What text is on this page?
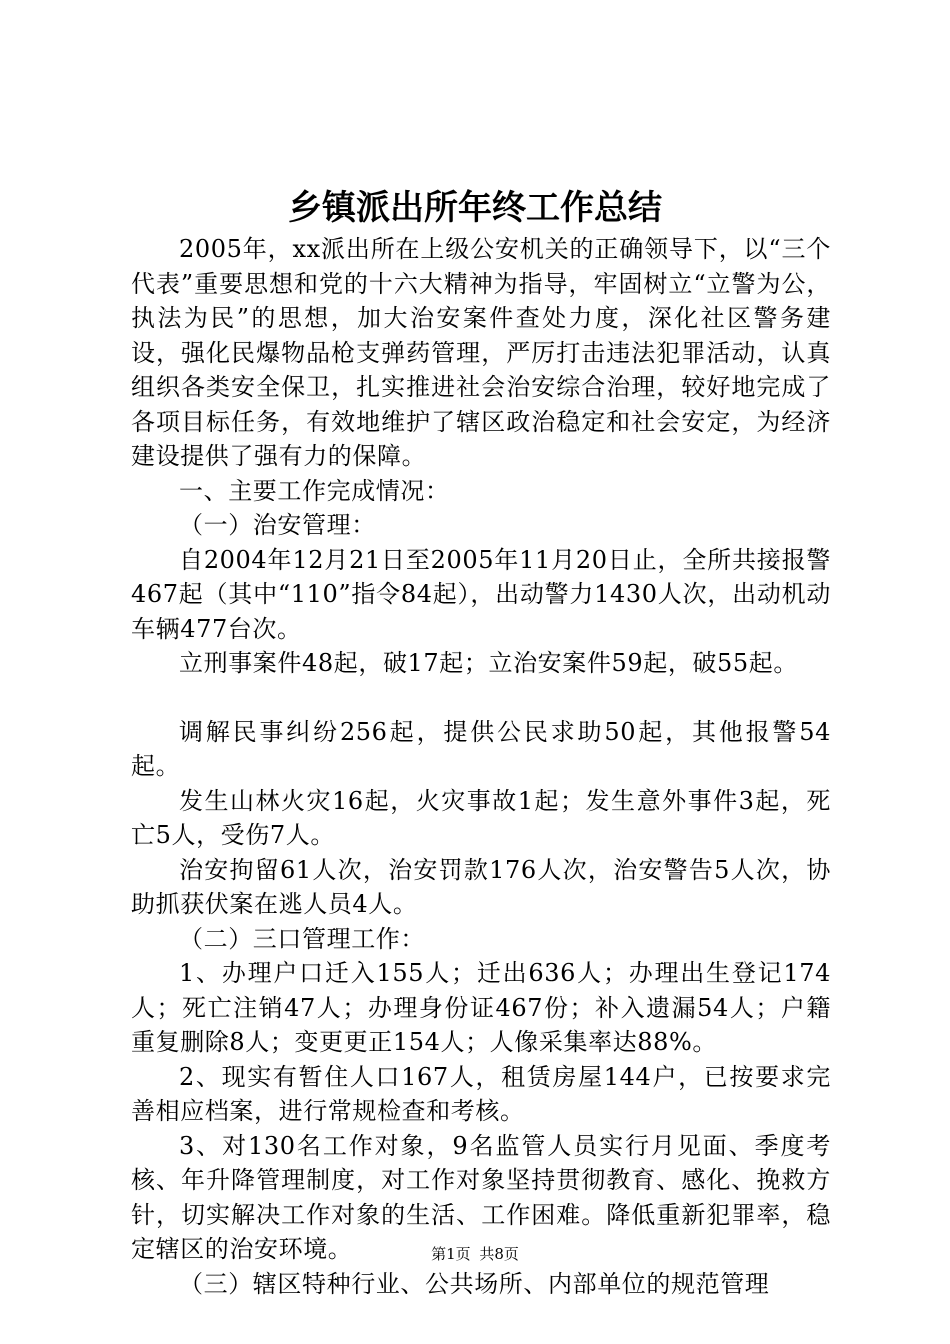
乡镇派出所年终工作总结

2005年，xx派出所在上级公安机关的正确领导下，以“三个代表”重要思想和党的十六大精神为指导，牢固树立“立警为公，执法为民”的思想，加大治安案件查处力度，深化社区警务建设，强化民爆物品枪支弹药管理，严厉打击违法犯罪活动，认真组织各类安全保卫，扎实推进社会治安综合治理，较好地完成了各项目标任务，有效地维护了辖区政治稳定和社会安定，为经济建设提供了强有力的保障。

一、主要工作完成情况：

（一）治安管理：

自2004年12月21日至2005年11月20日止，全所共接报警467起（其中“110”指令84起），出动警力1430人次，出动机动车辆477台次。

立刑事案件48起，破17起；立治安案件59起，破55起。

调解民事纠纷256起，提供公民求助50起，其他报警54起。

发生山林火灾16起，火灾事故1起；发生意外事件3起，死亡5人，受伤7人。

治安拘留61人次，治安罚款176人次，治安警告5人次，协助抓获伏案在逃人员4人。

（二）三口管理工作：

1、办理户口迁入155人；迁出636人；办理出生登记174人；死亡注销47人；办理身份证467份；补入遗漏54人；户籍重复删除8人；变更更正154人；人像采集率达88%。

2、现实有暂住人口167人，租赁房屋144户，已按要求完善相应档案，进行常规检查和考核。

3、对130名工作对象，9名监管人员实行月见面、季度考核、年升降管理制度，对工作对象坚持贯彻教育、感化、挽救方针，切实解决工作对象的生活、工作困难。降低重新犯罪率，稳定辖区的治安环境。

（三）辖区特种行业、公共场所、内部单位的规范管理

第1页 共8页
